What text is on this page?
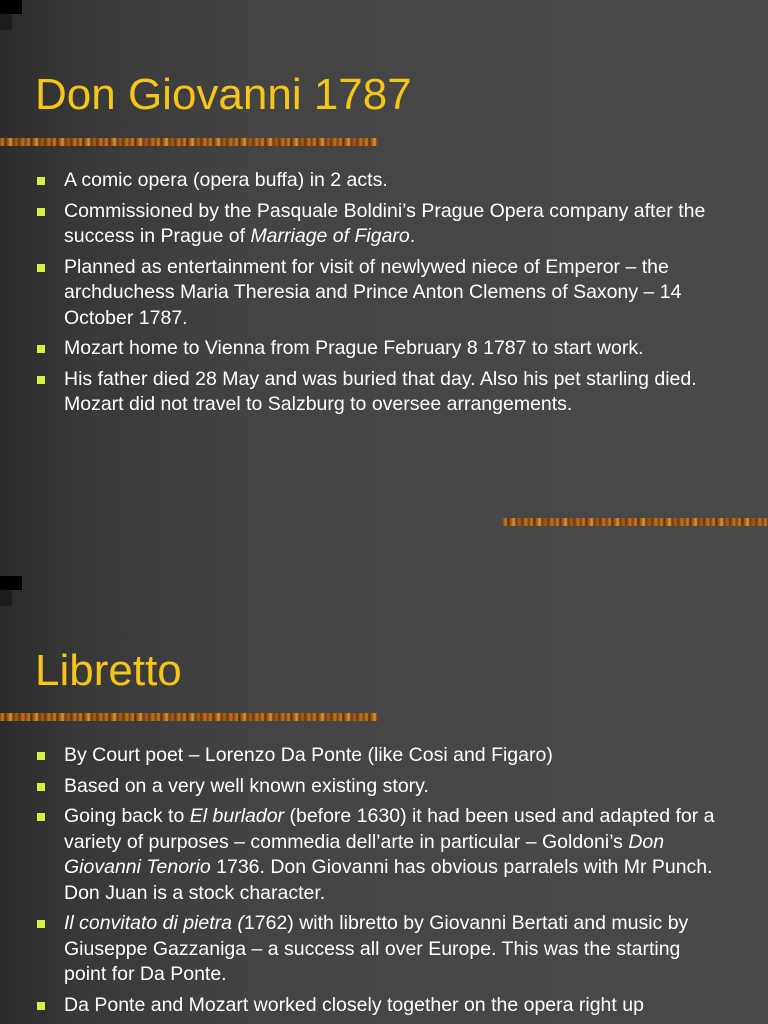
Don Giovanni 1787
A comic opera (opera buffa) in 2 acts.
Commissioned by the Pasquale Boldini’s Prague Opera company after the success in Prague of Marriage of Figaro.
Planned as entertainment for visit of newlywed niece of Emperor – the archduchess Maria Theresia and Prince Anton Clemens of Saxony – 14 October 1787.
Mozart home to Vienna from Prague February 8 1787 to start work.
His father died 28 May and was buried that day. Also his pet starling died. Mozart did not travel to Salzburg to oversee arrangements.
Libretto
By Court poet – Lorenzo Da Ponte (like Cosi and Figaro)
Based on a very well known existing story.
Going back to El burlador (before 1630) it had been used and adapted for a variety of purposes – commedia dell’arte in particular – Goldoni’s Don Giovanni Tenorio 1736. Don Giovanni has obvious parralels with Mr Punch. Don Juan is a stock character.
Il convitato di pietra (1762) with libretto by Giovanni Bertati and music by Giuseppe Gazzaniga – a success all over Europe. This was the starting point for Da Ponte.
Da Ponte and Mozart worked closely together on the opera right up
